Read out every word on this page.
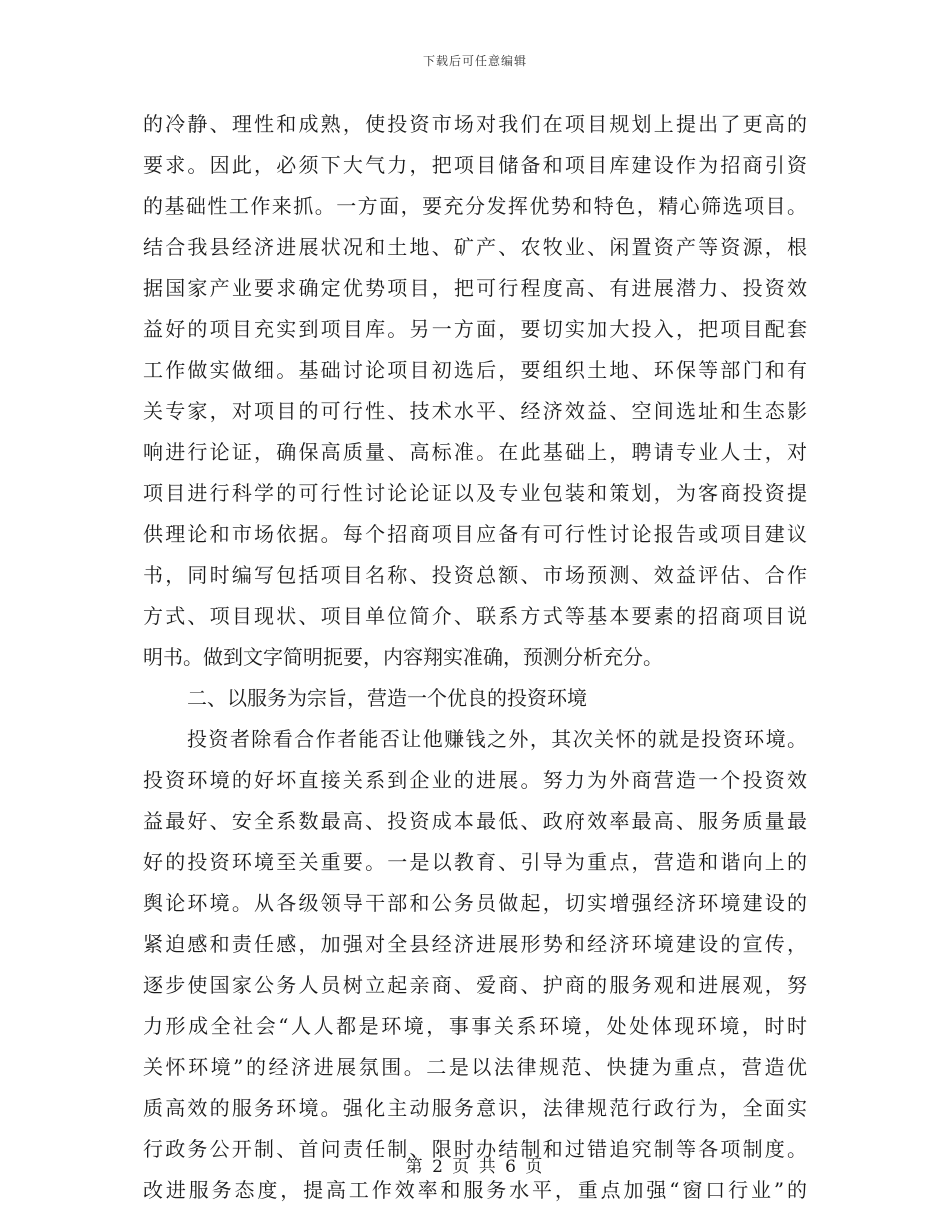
下载后可任意编辑
的冷静、理性和成熟，使投资市场对我们在项目规划上提出了更高的
要求。因此，必须下大气力，把项目储备和项目库建设作为招商引资
的基础性工作来抓。一方面，要充分发挥优势和特色，精心筛选项目。
结合我县经济进展状况和土地、矿产、农牧业、闲置资产等资源，根
据国家产业要求确定优势项目，把可行程度高、有进展潜力、投资效
益好的项目充实到项目库。另一方面，要切实加大投入，把项目配套
工作做实做细。基础讨论项目初选后，要组织土地、环保等部门和有
关专家，对项目的可行性、技术水平、经济效益、空间选址和生态影
响进行论证，确保高质量、高标准。在此基础上，聘请专业人士，对
项目进行科学的可行性讨论论证以及专业包装和策划，为客商投资提
供理论和市场依据。每个招商项目应备有可行性讨论报告或项目建议
书，同时编写包括项目名称、投资总额、市场预测、效益评估、合作
方式、项目现状、项目单位简介、联系方式等基本要素的招商项目说
明书。做到文字简明扼要，内容翔实准确，预测分析充分。
二、以服务为宗旨，营造一个优良的投资环境
投资者除看合作者能否让他赚钱之外，其次关怀的就是投资环境。
投资环境的好坏直接关系到企业的进展。努力为外商营造一个投资效
益最好、安全系数最高、投资成本最低、政府效率最高、服务质量最
好的投资环境至关重要。一是以教育、引导为重点，营造和谐向上的
舆论环境。从各级领导干部和公务员做起，切实增强经济环境建设的
紧迫感和责任感，加强对全县经济进展形势和经济环境建设的宣传，
逐步使国家公务人员树立起亲商、爱商、护商的服务观和进展观，努
力形成全社会“人人都是环境，事事关系环境，处处体现环境，时时
关怀环境”的经济进展氛围。二是以法律规范、快捷为重点，营造优
质高效的服务环境。强化主动服务意识，法律规范行政行为，全面实
行政务公开制、首问责任制、限时办结制和过错追究制等各项制度。
改进服务态度，提高工作效率和服务水平，重点加强“窗口行业”的
第 2 页 共 6 页
